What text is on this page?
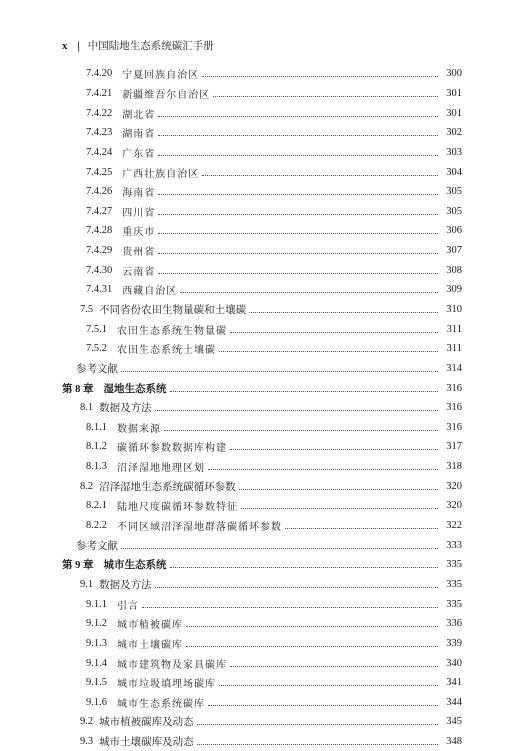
x | 中国陆地生态系统碳汇手册
7.4.20	宁夏回族自治区	300
7.4.21	新疆维吾尔自治区	301
7.4.22	湖北省	301
7.4.23	湖南省	302
7.4.24	广东省	303
7.4.25	广西壮族自治区	304
7.4.26	海南省	305
7.4.27	四川省	305
7.4.28	重庆市	306
7.4.29	贵州省	307
7.4.30	云南省	308
7.4.31	西藏自治区	309
7.5 不同省份农田生物量碳和土壤碳	310
7.5.1	农田生态系统生物量碳	311
7.5.2	农田生态系统土壤碳	311
参考文献	314
第 8 章 湿地生态系统	316
8.1 数据及方法	316
8.1.1	数据来源	316
8.1.2	碳循环参数数据库构建	317
8.1.3	沼泽湿地地理区划	318
8.2 沼泽湿地生态系统碳循环参数	320
8.2.1	陆地尺度碳循环参数特征	320
8.2.2	不同区域沼泽湿地群落碳循环参数	322
参考文献	333
第 9 章 城市生态系统	335
9.1 数据及方法	335
9.1.1	引言	335
9.1.2	城市植被碳库	336
9.1.3	城市土壤碳库	339
9.1.4	城市建筑物及家具碳库	340
9.1.5	城市垃圾填埋场碳库	341
9.1.6	城市生态系统碳库	344
9.2 城市植被碳库及动态	345
9.3 城市土壤碳库及动态	348
